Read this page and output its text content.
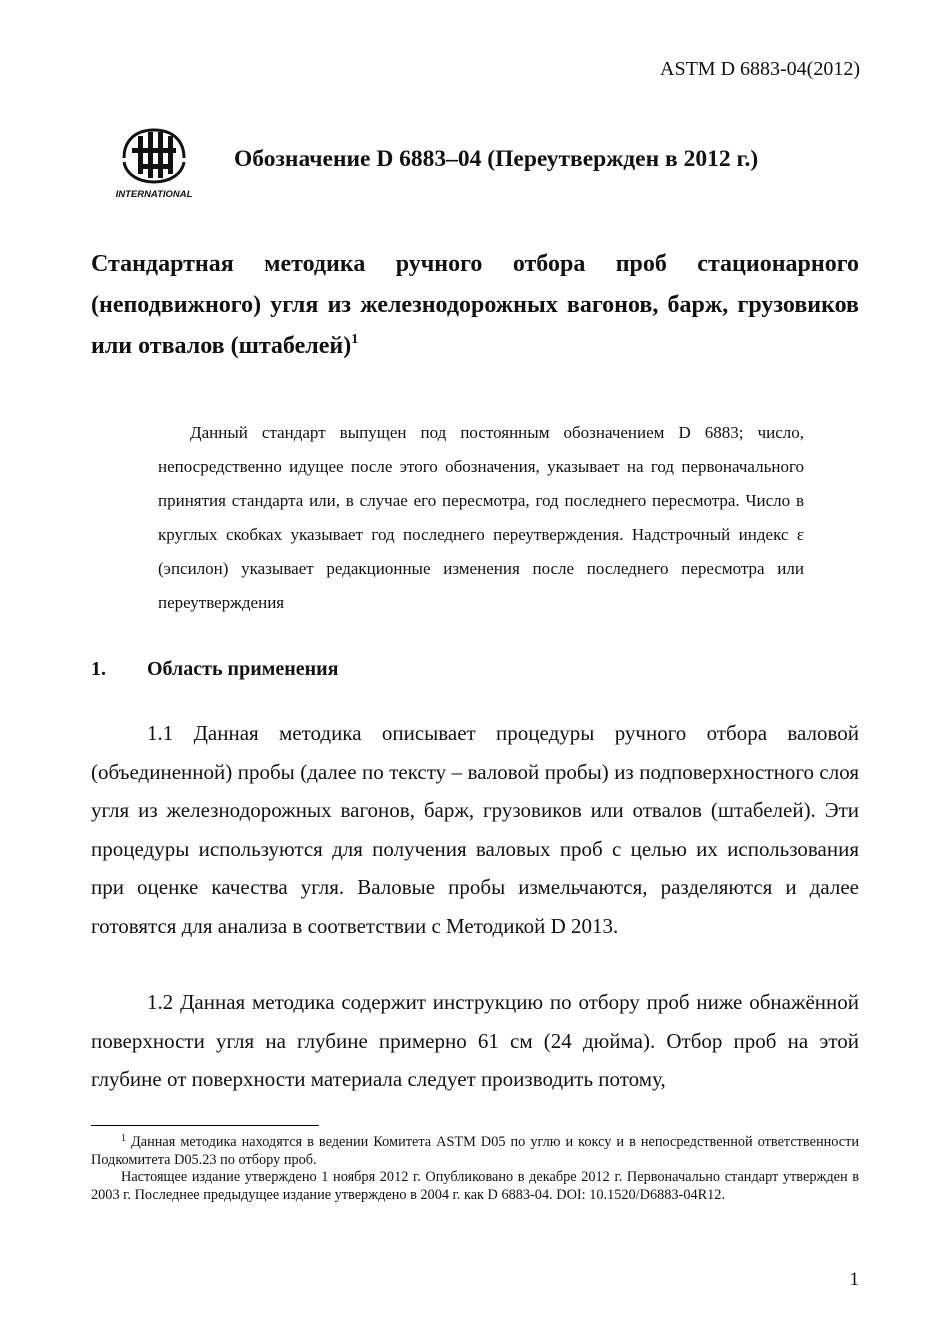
ASTM D 6883-04(2012)
INTERNATIONAL
Обозначение D 6883–04 (Переутвержден в 2012 г.)
Стандартная методика ручного отбора проб стационарного (неподвижного) угля из железнодорожных вагонов, барж, грузовиков или отвалов (штабелей)$^1$

Данный стандарт выпущен под постоянным обозначением D 6883; число, непосредственно идущее после этого обозначения, указывает на год первоначального принятия стандарта или, в случае его пересмотра, год последнего пересмотра. Число в круглых скобках указывает год последнего переутверждения. Надстрочный индекс ε (эпсилон) указывает редакционные изменения после последнего пересмотра или переутверждения

1. Область применения

1.1 Данная методика описывает процедуры ручного отбора валовой (объединенной) пробы (далее по тексту – валовой пробы) из подповерхностного слоя угля из железнодорожных вагонов, барж, грузовиков или отвалов (штабелей). Эти процедуры используются для получения валовых проб с целью их использования при оценке качества угля. Валовые пробы измельчаются, разделяются и далее готовятся для анализа в соответствии с Методикой D 2013.

1.2 Данная методика содержит инструкцию по отбору проб ниже обнажённой поверхности угля на глубине примерно 61 см (24 дюйма). Отбор проб на этой глубине от поверхности материала следует производить потому,

$^1$ Данная методика находятся в ведении Комитета ASTM D05 по углю и коксу и в непосредственной ответственности Подкомитета D05.23 по отбору проб.

Настоящее издание утверждено 1 ноября 2012 г. Опубликовано в декабре 2012 г. Первоначально стандарт утвержден в 2003 г. Последнее предыдущее издание утверждено в 2004 г. как D 6883-04. DOI: 10.1520/D6883-04R12.

1
